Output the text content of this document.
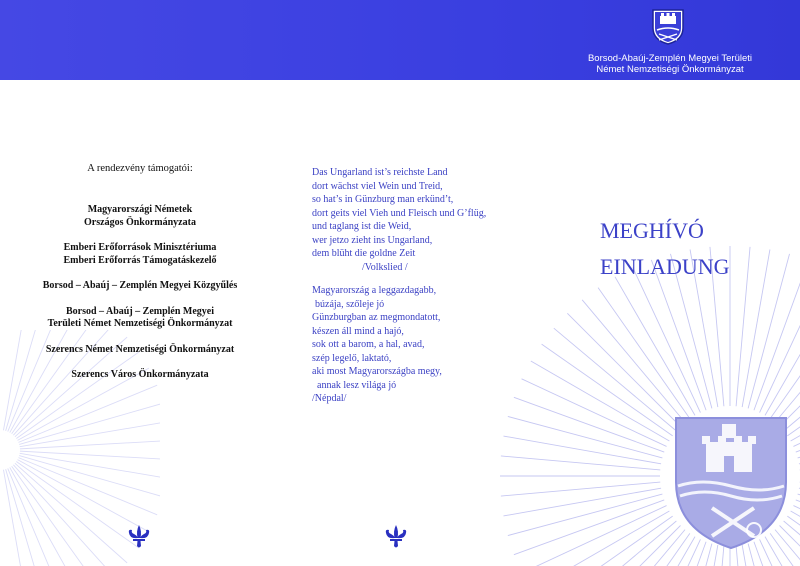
Borsod-Abaúj-Zemplén Megyei Területi
Német Nemzetiségi Önkormányzat
A rendezvény támogatói:
Magyarországi Németek
Országos Önkormányzata
Emberi Erőforrások Minisztériuma
Emberi Erőforrás Támogatáskezelő
Borsod – Abaúj – Zemplén Megyei Közgyűlés
Borsod – Abaúj – Zemplén Megyei
Területi Német Nemzetiségi Önkormányzat
Szerencs Német Nemzetiségi Önkormányzat
Szerencs Város Önkormányzata
Das Ungarland ist’s reichste Land
dort wächst viel Wein und Treid,
so hat’s in Günzburg man erkünd’t,
dort geits viel Vieh und Fleisch und G’flüg,
und taglang ist die Weid,
wer jetzo zieht ins Ungarland,
dem blüht die goldne Zeit
/Volkslied /
Magyarország a leggazdagabb,
búzája, szőleje jó
Günzburgban az megmondatott,
készen áll mind a hajó,
sok ott a barom, a hal, avad,
szép legelő, laktató,
aki most Magyarországba megy,
annak lesz világa jó
/Népdal/
MEGHÍVÓ
EINLADUNG
